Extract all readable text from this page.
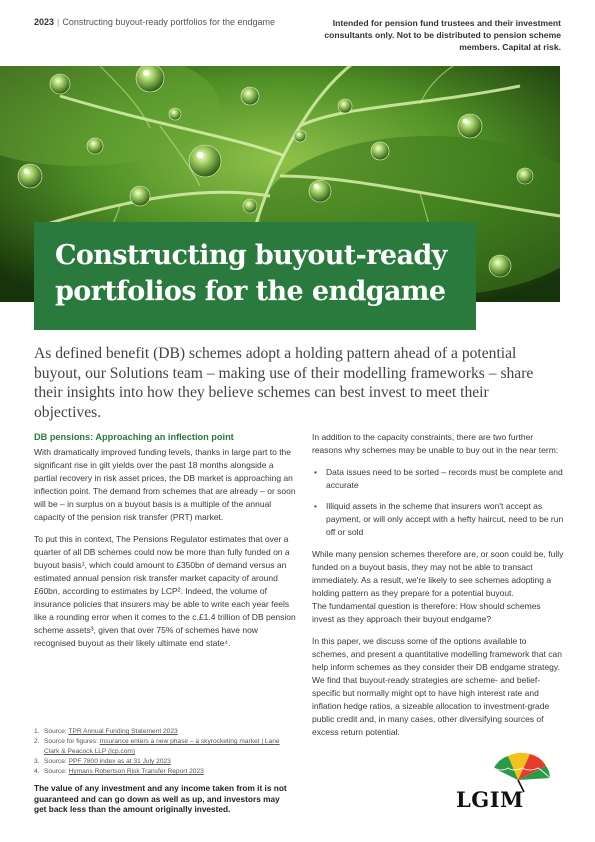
2023 | Constructing buyout-ready portfolios for the endgame	Intended for pension fund trustees and their investment consultants only. Not to be distributed to pension scheme members. Capital at risk.
Constructing buyout-ready portfolios for the endgame
As defined benefit (DB) schemes adopt a holding pattern ahead of a potential buyout, our Solutions team – making use of their modelling frameworks – share their insights into how they believe schemes can best invest to meet their objectives.
DB pensions: Approaching an inflection point

With dramatically improved funding levels, thanks in large part to the significant rise in gilt yields over the past 18 months alongside a partial recovery in risk asset prices, the DB market is approaching an inflection point. The demand from schemes that are already – or soon will be – in surplus on a buyout basis is a multiple of the annual capacity of the pension risk transfer (PRT) market.

To put this in context, The Pensions Regulator estimates that over a quarter of all DB schemes could now be more than fully funded on a buyout basis¹, which could amount to £350bn of demand versus an estimated annual pension risk transfer market capacity of around £60bn, according to estimates by LCP². Indeed, the volume of insurance policies that insurers may be able to write each year feels like a rounding error when it comes to the c.£1.4 trillion of DB pension scheme assets³, given that over 75% of schemes have now recognised buyout as their likely ultimate end state⁴.

In addition to the capacity constraints, there are two further reasons why schemes may be unable to buy out in the near term:

• Data issues need to be sorted – records must be complete and accurate
• Illiquid assets in the scheme that insurers won't accept as payment, or will only accept with a hefty haircut, need to be run off or sold

While many pension schemes therefore are, or soon could be, fully funded on a buyout basis, they may not be able to transact immediately. As a result, we're likely to see schemes adopting a holding pattern as they prepare for a potential buyout.

The fundamental question is therefore: How should schemes invest as they approach their buyout endgame?

In this paper, we discuss some of the options available to schemes, and present a quantitative modelling framework that can help inform schemes as they consider their DB endgame strategy. We find that buyout-ready strategies are scheme- and belief-specific but normally might opt to have high interest rate and inflation hedge ratios, a sizeable allocation to investment-grade public credit and, in many cases, other diversifying sources of excess return potential.

1. Source: TPR Annual Funding Statement 2023
2. Source for figures: Insurance enters a new phase – a skyrocketing market | Lane Clark & Peacock LLP (lcp.com)
3. Source: PPF 7800 index as at 31 July 2023
4. Source: Hymans Robertson Risk Transfer Report 2023
The value of any investment and any income taken from it is not guaranteed and can go down as well as up, and investors may get back less than the amount originally invested.	LGIM
